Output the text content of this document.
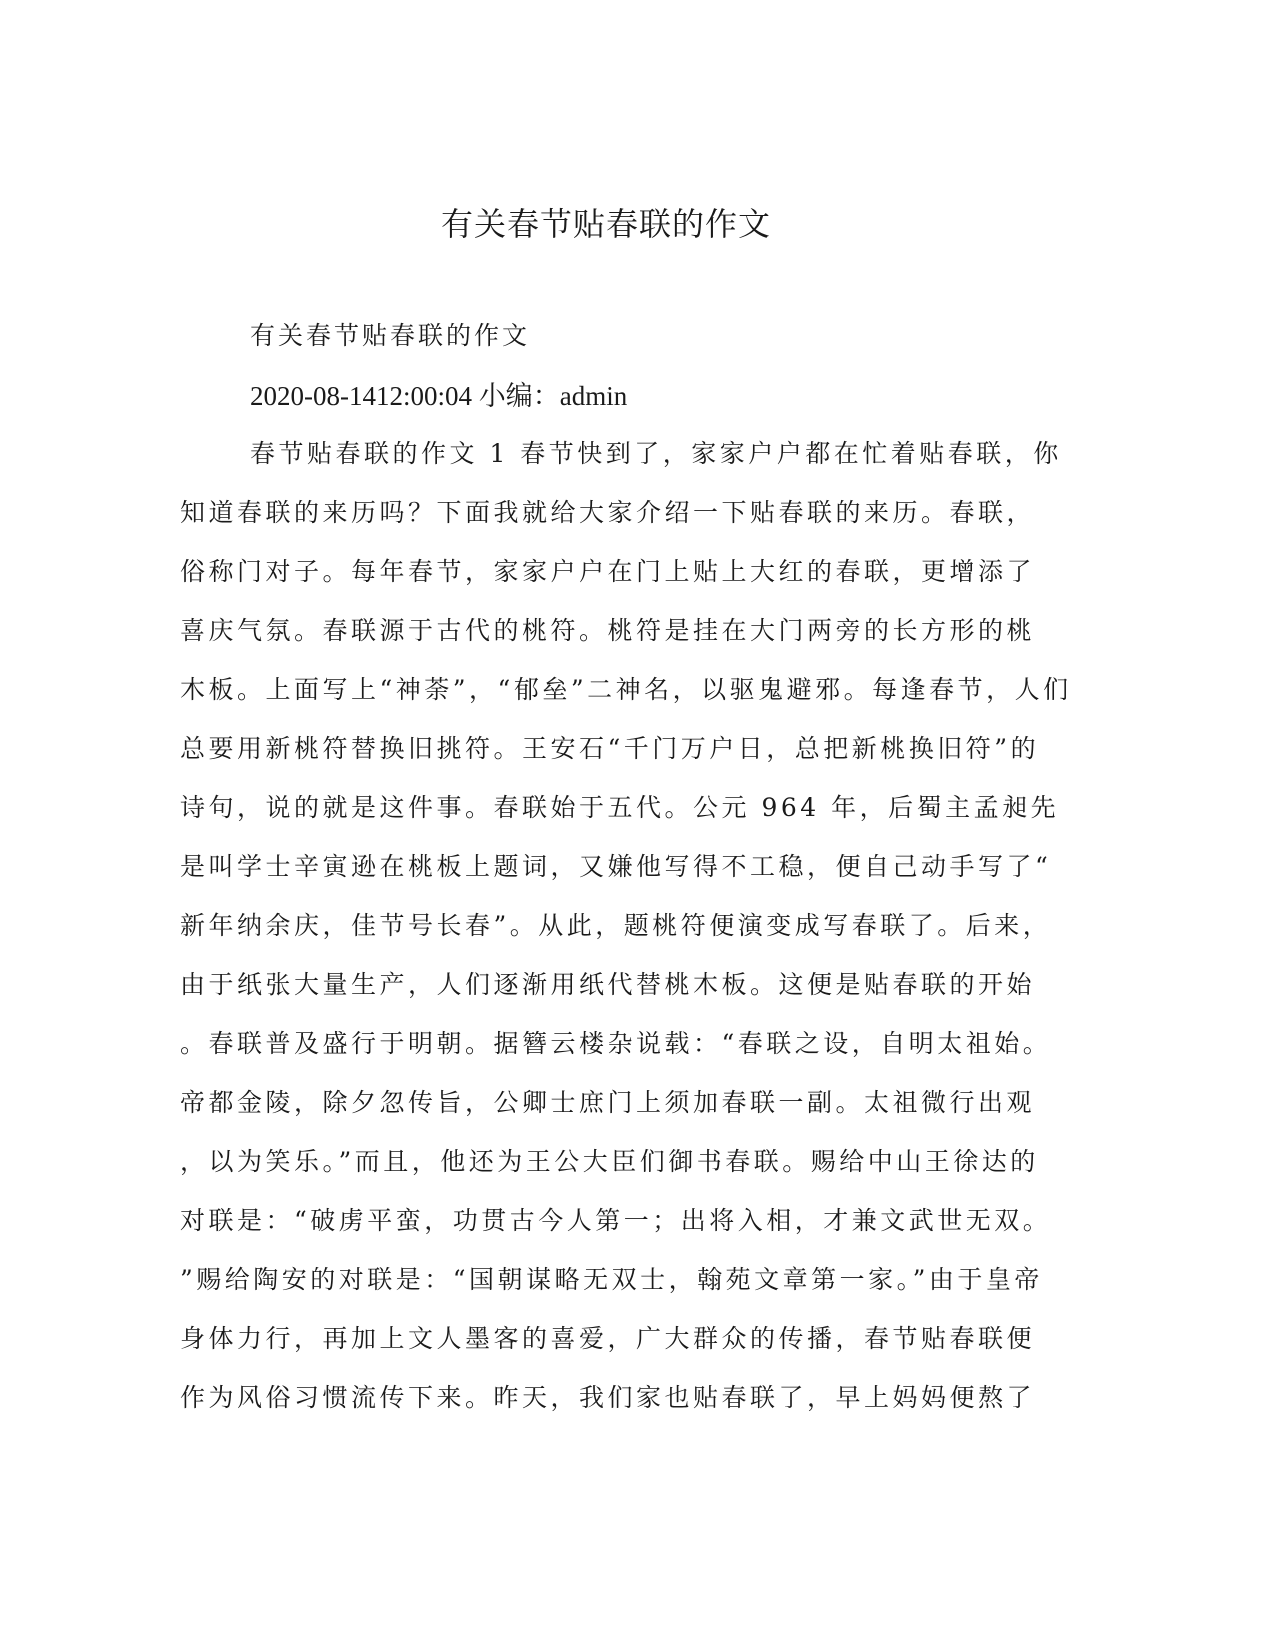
有关春节贴春联的作文

有关春节贴春联的作文

2020-08-1412:00:04 小编：admin

春节贴春联的作文 1 春节快到了，家家户户都在忙着贴春联，你
知道春联的来历吗？下面我就给大家介绍一下贴春联的来历。春联，
俗称门对子。每年春节，家家户户在门上贴上大红的春联，更增添了
喜庆气氛。春联源于古代的桃符。桃符是挂在大门两旁的长方形的桃
木板。上面写上“神荼”，“郁垒”二神名，以驱鬼避邪。每逢春节，人们
总要用新桃符替换旧挑符。王安石“千门万户日，总把新桃换旧符”的
诗句，说的就是这件事。春联始于五代。公元 964 年，后蜀主孟昶先
是叫学士辛寅逊在桃板上题词，又嫌他写得不工稳，便自己动手写了“
新年纳余庆，佳节号长春”。从此，题桃符便演变成写春联了。后来，
由于纸张大量生产，人们逐渐用纸代替桃木板。这便是贴春联的开始
。春联普及盛行于明朝。据簪云楼杂说载：“春联之设，自明太祖始。
帝都金陵，除夕忽传旨，公卿士庶门上须加春联一副。太祖微行出观
，以为笑乐。”而且，他还为王公大臣们御书春联。赐给中山王徐达的
对联是：“破虏平蛮，功贯古今人第一；出将入相，才兼文武世无双。
”赐给陶安的对联是：“国朝谋略无双士，翰苑文章第一家。”由于皇帝
身体力行，再加上文人墨客的喜爱，广大群众的传播，春节贴春联便
作为风俗习惯流传下来。昨天，我们家也贴春联了，早上妈妈便熬了
